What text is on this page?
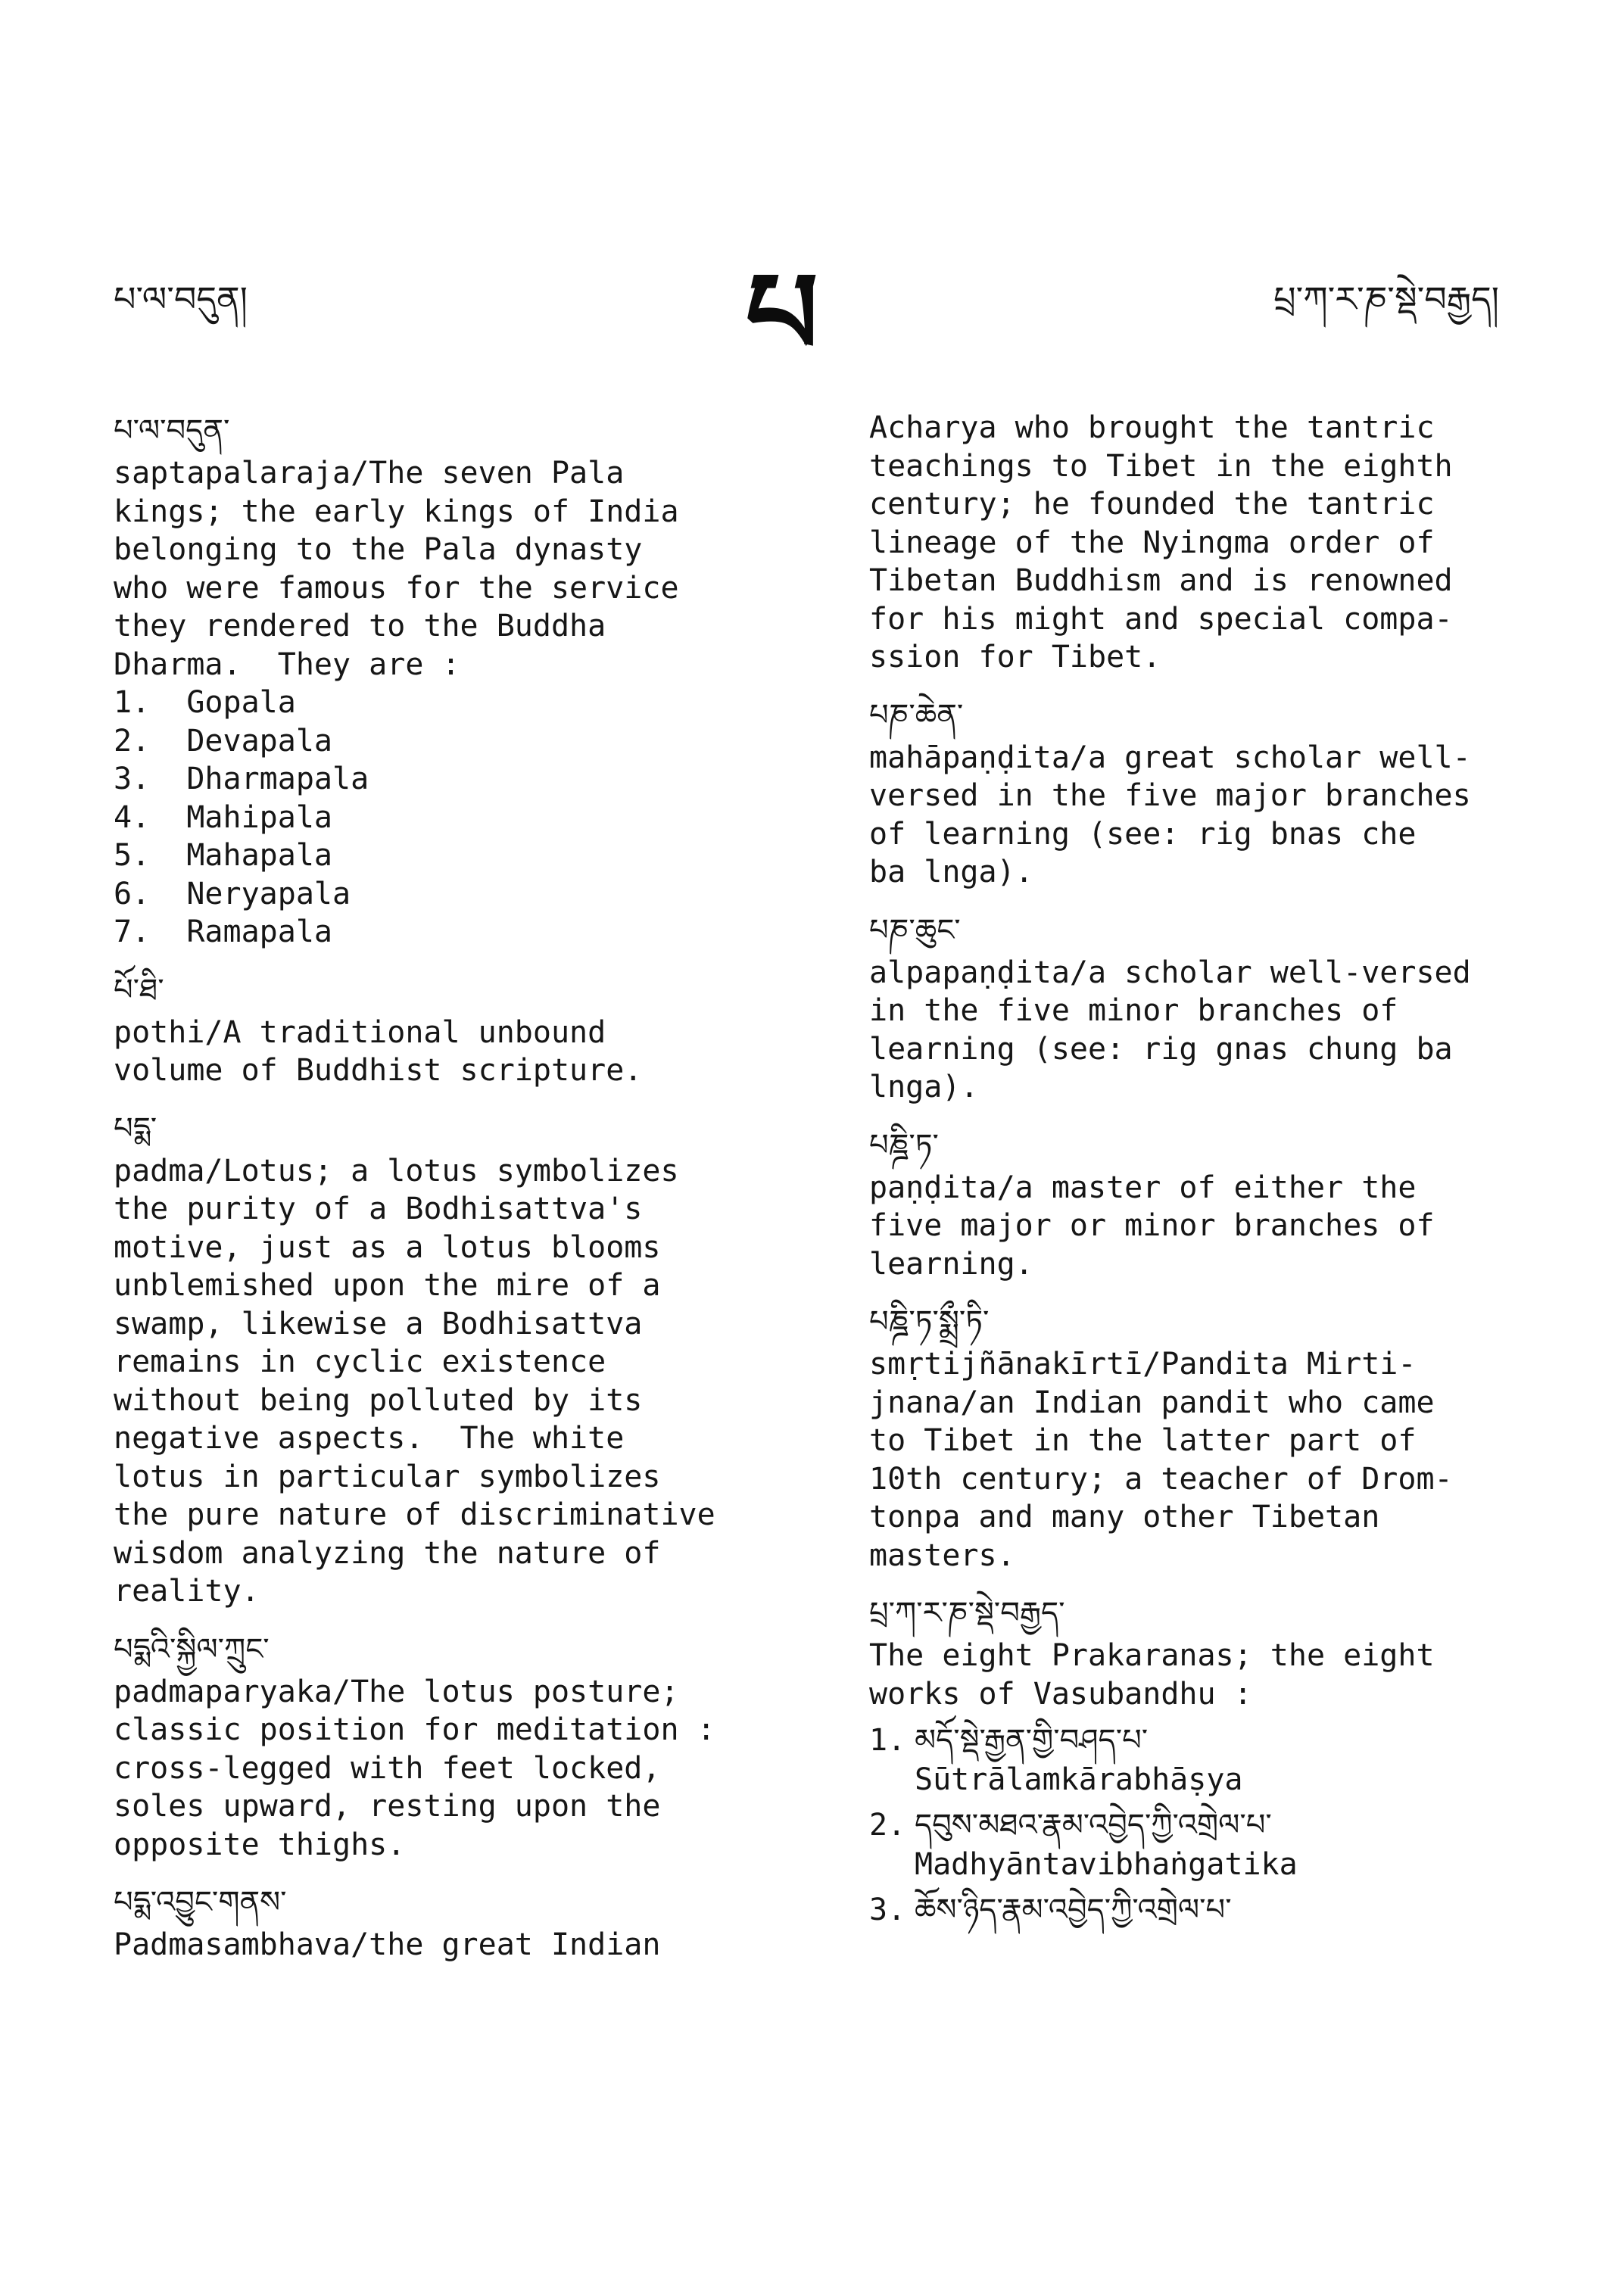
པ་ལ་བདུན།	པ	པྲ་ཀ་ར་ཎ་སྡེ་བརྒྱད།
པ་ལ་བདུན་
saptapalaraja/The seven Pala
kings; the early kings of India
belonging to the Pala dynasty
who were famous for the service
they rendered to the Buddha
Dharma.  They are :
1.  Gopala
2.  Devapala
3.  Dharmapala
4.  Mahipala
5.  Mahapala
6.  Neryapala
7.  Ramapala
པོ་ཐི་
pothi/A traditional unbound
volume of Buddhist scripture.
པདྨ་
padma/Lotus; a lotus symbolizes
the purity of a Bodhisattva's
motive, just as a lotus blooms
unblemished upon the mire of a
swamp, likewise a Bodhisattva
remains in cyclic existence
without being polluted by its
negative aspects.  The white
lotus in particular symbolizes
the pure nature of discriminative
wisdom analyzing the nature of
reality.
པདྨའི་སྐྱིལ་ཀྲུང་
padmaparyaka/The lotus posture;
classic position for meditation :
cross-legged with feet locked,
soles upward, resting upon the
opposite thighs.
པདྨ་འབྱུང་གནས་
Padmasambhava/the great Indian
Acharya who brought the tantric
teachings to Tibet in the eighth
century; he founded the tantric
lineage of the Nyingma order of
Tibetan Buddhism and is renowned
for his might and special compa-
ssion for Tibet.
པཎ་ཆེན་
mahāpaṇḍita/a great scholar well-
versed in the five major branches
of learning (see: rig bnas che
ba lnga).
པཎ་ཆུང་
alpapaṇḍita/a scholar well-versed
in the five minor branches of
learning (see: rig gnas chung ba
lnga).
པཎྜི་ཏ་
paṇḍita/a master of either the
five major or minor branches of
learning.
པཎྜི་ཏ་སྨྲྀ་ཏི་
smṛtijñānakīrtī/Pandita Mirti-
jnana/an Indian pandit who came
to Tibet in the latter part of
10th century; a teacher of Drom-
tonpa and many other Tibetan
masters.
པྲ་ཀ་ར་ཎ་སྡེ་བརྒྱད་
The eight Prakaranas; the eight
works of Vasubandhu :
1. མདོ་སྡེ་རྒྱན་གྱི་བཤད་པ་
Sūtrālamkārabhāṣya
2. དབུས་མཐའ་རྣམ་འབྱེད་ཀྱི་འགྲེལ་པ་
Madhyāntavibhaṅgatika
3. ཆོས་ཉིད་རྣམ་འབྱེད་ཀྱི་འགྲེལ་པ་
